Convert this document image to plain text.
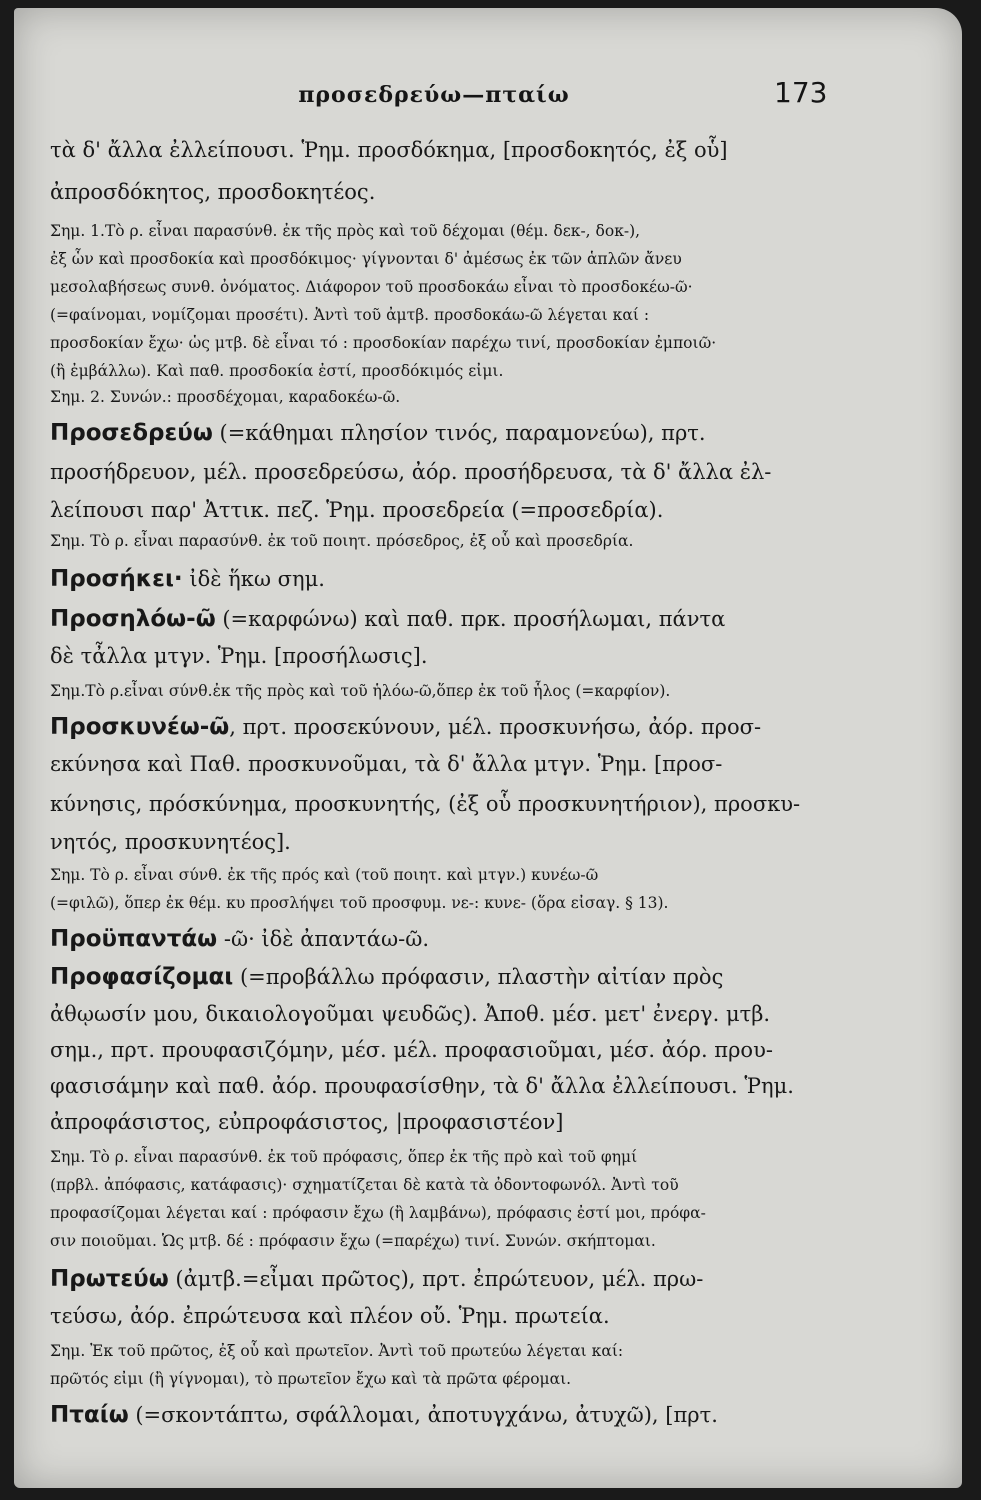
προσεδρεύω—πταίω	173
τὰ δ' ἄλλα ἐλλείπουσι. Ῥημ. προσδόκημα, [προσδοκητός, ἐξ οὗ]
ἀπροσδόκητος, προσδοκητέος.
Σημ. 1.Τὸ ρ. εἶναι παρασύνθ. ἐκ τῆς πρὸς καὶ τοῦ δέχομαι (θέμ. δεκ-, δοκ-),
ἐξ ὧν καὶ προσδοκία καὶ προσδόκιμος· γίγνονται δ' ἀμέσως ἐκ τῶν ἁπλῶν ἄνευ
μεσολαβήσεως συνθ. ὀνόματος. Διάφορον τοῦ προσδοκάω εἶναι τὸ προσδοκέω-ῶ·
(=φαίνομαι, νομίζομαι προσέτι). Ἀντὶ τοῦ ἀμτβ. προσδοκάω-ῶ λέγεται καί :
προσδοκίαν ἔχω· ὡς μτβ. δὲ εἶναι τό : προσδοκίαν παρέχω τινί, προσδοκίαν ἐμποιῶ·
(ἢ ἐμβάλλω). Καὶ παθ. προσδοκία ἐστί, προσδόκιμός εἰμι.
Σημ. 2. Συνών.: προσδέχομαι, καραδοκέω-ῶ.
Προσεδρεύω (=κάθημαι πλησίον τινός, παραμονεύω), πρτ.
προσήδρευον, μέλ. προσεδρεύσω, ἀόρ. προσήδρευσα, τὰ δ' ἄλλα ἐλ-
λείπουσι παρ' Ἀττικ. πεζ. Ῥημ. προσεδρεία (=προσεδρία).
Σημ. Τὸ ρ. εἶναι παρασύνθ. ἐκ τοῦ ποιητ. πρόσεδρος, ἐξ οὗ καὶ προσεδρία.
Προσήκει· ἰδὲ ἥκω σημ.
Προσηλόω-ῶ (=καρφώνω) καὶ παθ. πρκ. προσήλωμαι, πάντα
δὲ τἆλλα μτγν. Ῥημ. [προσήλωσις].
Σημ.Τὸ ρ.εἶναι σύνθ.ἐκ τῆς πρὸς καὶ τοῦ ἡλόω-ῶ,ὅπερ ἐκ τοῦ ἧλος (=καρφίον).
Προσκυνέω-ῶ, πρτ. προσεκύνουν, μέλ. προσκυνήσω, ἀόρ. προσ-
εκύνησα καὶ Παθ. προσκυνοῦμαι, τὰ δ' ἄλλα μτγν. Ῥημ. [προσ-
κύνησις, πρόσκύνημα, προσκυνητής, (ἐξ οὗ προσκυνητήριον), προσκυ-
νητός, προσκυνητέος].
Σημ. Τὸ ρ. εἶναι σύνθ. ἐκ τῆς πρός καὶ (τοῦ ποιητ. καὶ μτγν.) κυνέω-ῶ
(=φιλῶ), ὅπερ ἐκ θέμ. κυ προσλήψει τοῦ προσφυμ. νε-: κυνε- (ὅρα εἰσαγ. § 13).
Προϋπαντάω -ῶ· ἰδὲ ἀπαντάω-ῶ.
Προφασίζομαι (=προβάλλω πρόφασιν, πλαστὴν αἰτίαν πρὸς
ἀθῳωσίν μου, δικαιολογοῦμαι ψευδῶς). Ἀποθ. μέσ. μετ' ἐνεργ. μτβ.
σημ., πρτ. προυφασιζόμην, μέσ. μέλ. προφασιοῦμαι, μέσ. ἀόρ. πρου-
φασισάμην καὶ παθ. ἀόρ. προυφασίσθην, τὰ δ' ἄλλα ἐλλείπουσι. Ῥημ.
ἀπροφάσιστος, εὐπροφάσιστος, |προφασιστέον]
Σημ. Τὸ ρ. εἶναι παρασύνθ. ἐκ τοῦ πρόφασις, ὅπερ ἐκ τῆς πρὸ καὶ τοῦ φημί
(πρβλ. ἀπόφασις, κατάφασις)· σχηματίζεται δὲ κατὰ τὰ ὀδοντοφωνόλ. Ἀντὶ τοῦ
προφασίζομαι λέγεται καί : πρόφασιν ἔχω (ἢ λαμβάνω), πρόφασις ἐστί μοι, πρόφα-
σιν ποιοῦμαι. Ὡς μτβ. δέ : πρόφασιν ἔχω (=παρέχω) τινί. Συνών. σκήπτομαι.
Πρωτεύω (ἀμτβ.=εἶμαι πρῶτος), πρτ. ἐπρώτευον, μέλ. πρω-
τεύσω, ἀόρ. ἐπρώτευσα καὶ πλέον οὔ. Ῥημ. πρωτεία.
Σημ. Ἐκ τοῦ πρῶτος, ἐξ οὗ καὶ πρωτεῖον. Ἀντὶ τοῦ πρωτεύω λέγεται καί:
πρῶτός εἰμι (ἢ γίγνομαι), τὸ πρωτεῖον ἔχω καὶ τὰ πρῶτα φέρομαι.
Πταίω (=σκοντάπτω, σφάλλομαι, ἀποτυγχάνω, ἀτυχῶ), [πρτ.
